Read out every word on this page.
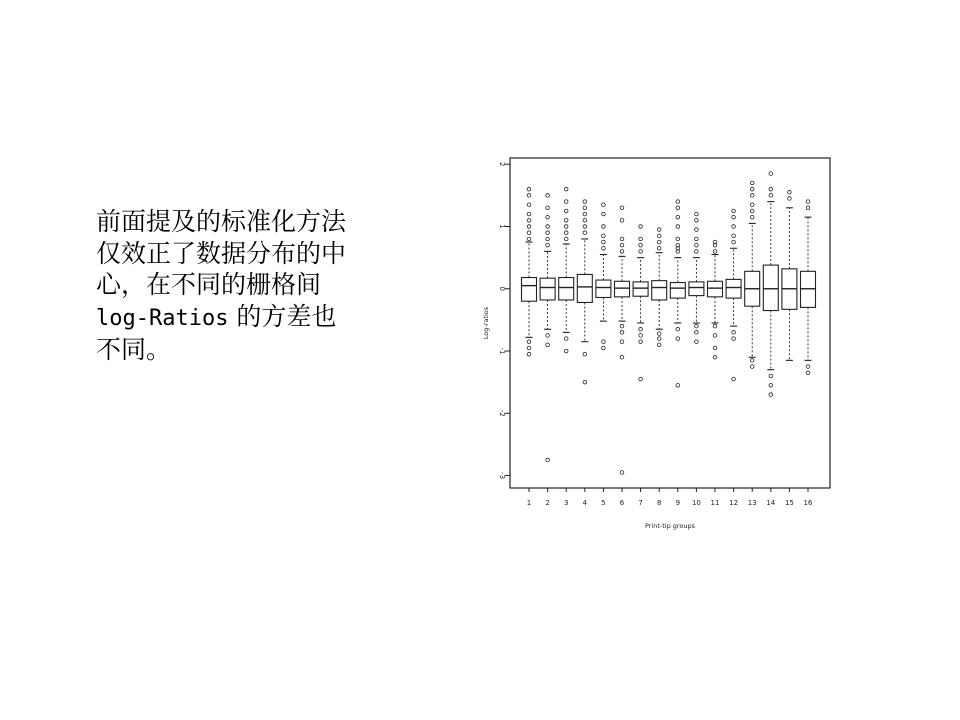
前面提及的标准化方法
仅效正了数据分布的中
心，在不同的栅格间
log-Ratios 的方差也
不同。
-3
-2
-1
0
1
2
Log-ratios
1 2 3 4 5 6 7 8 9 10 11 12 13 14 15 16
Print-tip groups
